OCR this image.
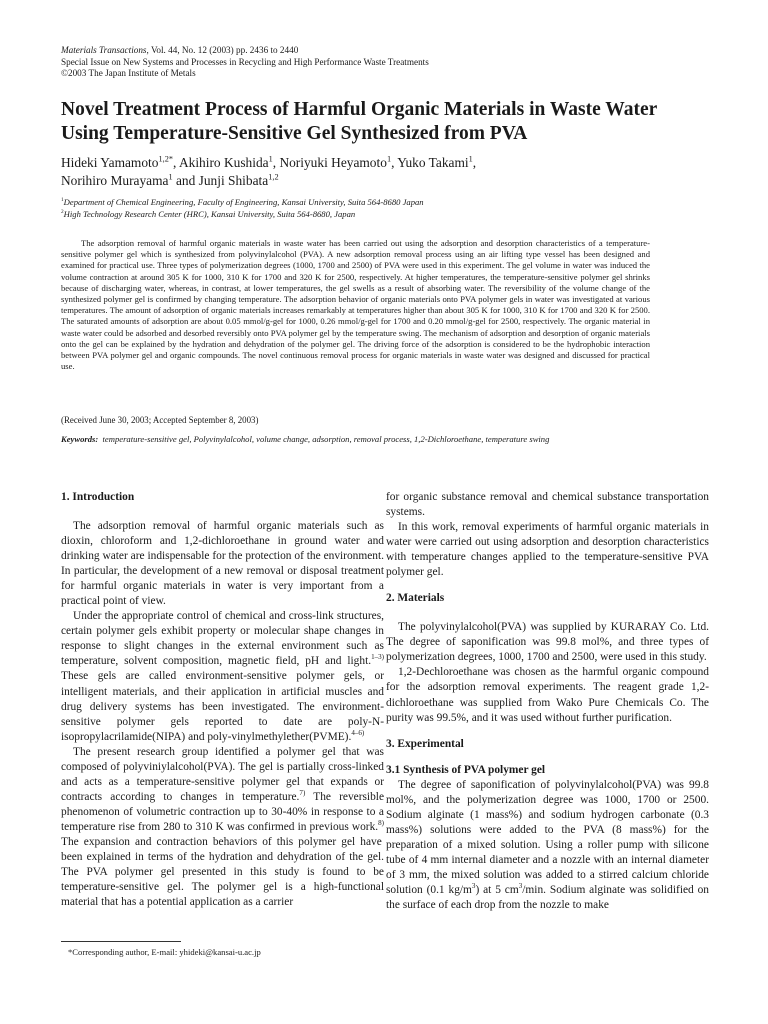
Materials Transactions, Vol. 44, No. 12 (2003) pp. 2436 to 2440
Special Issue on New Systems and Processes in Recycling and High Performance Waste Treatments
©2003 The Japan Institute of Metals
Novel Treatment Process of Harmful Organic Materials in Waste Water
Using Temperature-Sensitive Gel Synthesized from PVA
Hideki Yamamoto$^{1,2*}$, Akihiro Kushida$^1$, Noriyuki Heyamoto$^1$, Yuko Takami$^1$,
Norihiro Murayama$^1$ and Junji Shibata$^{1,2}$
$^1$Department of Chemical Engineering, Faculty of Engineering, Kansai University, Suita 564-8680 Japan
$^2$High Technology Research Center (HRC), Kansai University, Suita 564-8680, Japan

The adsorption removal of harmful organic materials in waste water has been carried out using the adsorption and desorption characteristics of a temperature-sensitive polymer gel which is synthesized from polyvinylalcohol (PVA). A new adsorption removal process using an air lifting type vessel has been designed and examined for practical use. Three types of polymerization degrees (1000, 1700 and 2500) of PVA were used in this experiment. The gel volume in water was induced the volume contraction at around 305 K for 1000, 310 K for 1700 and 320 K for 2500, respectively. At higher temperatures, the temperature-sensitive polymer gel shrinks because of discharging water, whereas, in contrast, at lower temperatures, the gel swells as a result of absorbing water. The reversibility of the volume change of the synthesized polymer gel is confirmed by changing temperature. The adsorption behavior of organic materials onto PVA polymer gels in water was investigated at various temperatures. The amount of adsorption of organic materials increases remarkably at temperatures higher than about 305 K for 1000, 310 K for 1700 and 320 K for 2500. The saturated amounts of adsorption are about 0.05 mmol/g-gel for 1000, 0.26 mmol/g-gel for 1700 and 0.20 mmol/g-gel for 2500, respectively. The organic material in waste water could be adsorbed and desorbed reversibly onto PVA polymer gel by the temperature swing. The mechanism of adsorption and desorption of organic materials onto the gel can be explained by the hydration and dehydration of the polymer gel. The driving force of the adsorption is considered to be the hydrophobic interaction between PVA polymer gel and organic compounds. The novel continuous removal process for organic materials in waste water was designed and discussed for practical use.

(Received June 30, 2003; Accepted September 8, 2003)
Keywords: temperature-sensitive gel, Polyvinylalcohol, volume change, adsorption, removal process, 1,2-Dichloroethane, temperature swing
1. Introduction

The adsorption removal of harmful organic materials such as dioxin, chloroform and 1,2-dichloroethane in ground water and drinking water are indispensable for the protection of the environment. In particular, the development of a new removal or disposal treatment for harmful organic materials in water is very important from a practical point of view.

Under the appropriate control of chemical and cross-link structures, certain polymer gels exhibit property or molecular shape changes in response to slight changes in the external environment such as temperature, solvent composition, magnetic field, pH and light.$^{1-3)}$ These gels are called environment-sensitive polymer gels, or intelligent materials, and their application in artificial muscles and drug delivery systems has been investigated. The environment-sensitive polymer gels reported to date are poly-N-isopropylacrilamide(NIPA) and poly-vinylmethylether(PVME).$^{4-6)}$

The present research group identified a polymer gel that was composed of polyviniylalcohol(PVA). The gel is partially cross-linked and acts as a temperature-sensitive polymer gel that expands or contracts according to changes in temperature.$^{7)}$ The reversible phenomenon of volumetric contraction up to 30-40% in response to a temperature rise from 280 to 310 K was confirmed in previous work.$^{8)}$ The expansion and contraction behaviors of this polymer gel have been explained in terms of the hydration and dehydration of the gel. The PVA polymer gel presented in this study is found to be temperature-sensitive gel. The polymer gel is a high-functional material that has a potential application as a carrier

for organic substance removal and chemical substance transportation systems.

In this work, removal experiments of harmful organic materials in water were carried out using adsorption and desorption characteristics with temperature changes applied to the temperature-sensitive PVA polymer gel.

2. Materials

The polyvinylalcohol(PVA) was supplied by KURARAY Co. Ltd. The degree of saponification was 99.8 mol%, and three types of polymerization degrees, 1000, 1700 and 2500, were used in this study.

1,2-Dechloroethane was chosen as the harmful organic compound for the adsorption removal experiments. The reagent grade 1,2-dichloroethane was supplied from Wako Pure Chemicals Co. The purity was 99.5%, and it was used without further purification.

3. Experimental
3.1 Synthesis of PVA polymer gel

The degree of saponification of polyvinylalcohol(PVA) was 99.8 mol%, and the polymerization degree was 1000, 1700 or 2500. Sodium alginate (1 mass%) and sodium hydrogen carbonate (0.3 mass%) solutions were added to the PVA (8 mass%) for the preparation of a mixed solution. Using a roller pump with silicone tube of 4 mm internal diameter and a nozzle with an internal diameter of 3 mm, the mixed solution was added to a stirred calcium chloride solution (0.1 $kg/m^3$) at 5 $cm^3/\min$. Sodium alginate was solidified on the surface of each drop from the nozzle to make

*Corresponding author, E-mail: yhideki@kansai-u.ac.jp
